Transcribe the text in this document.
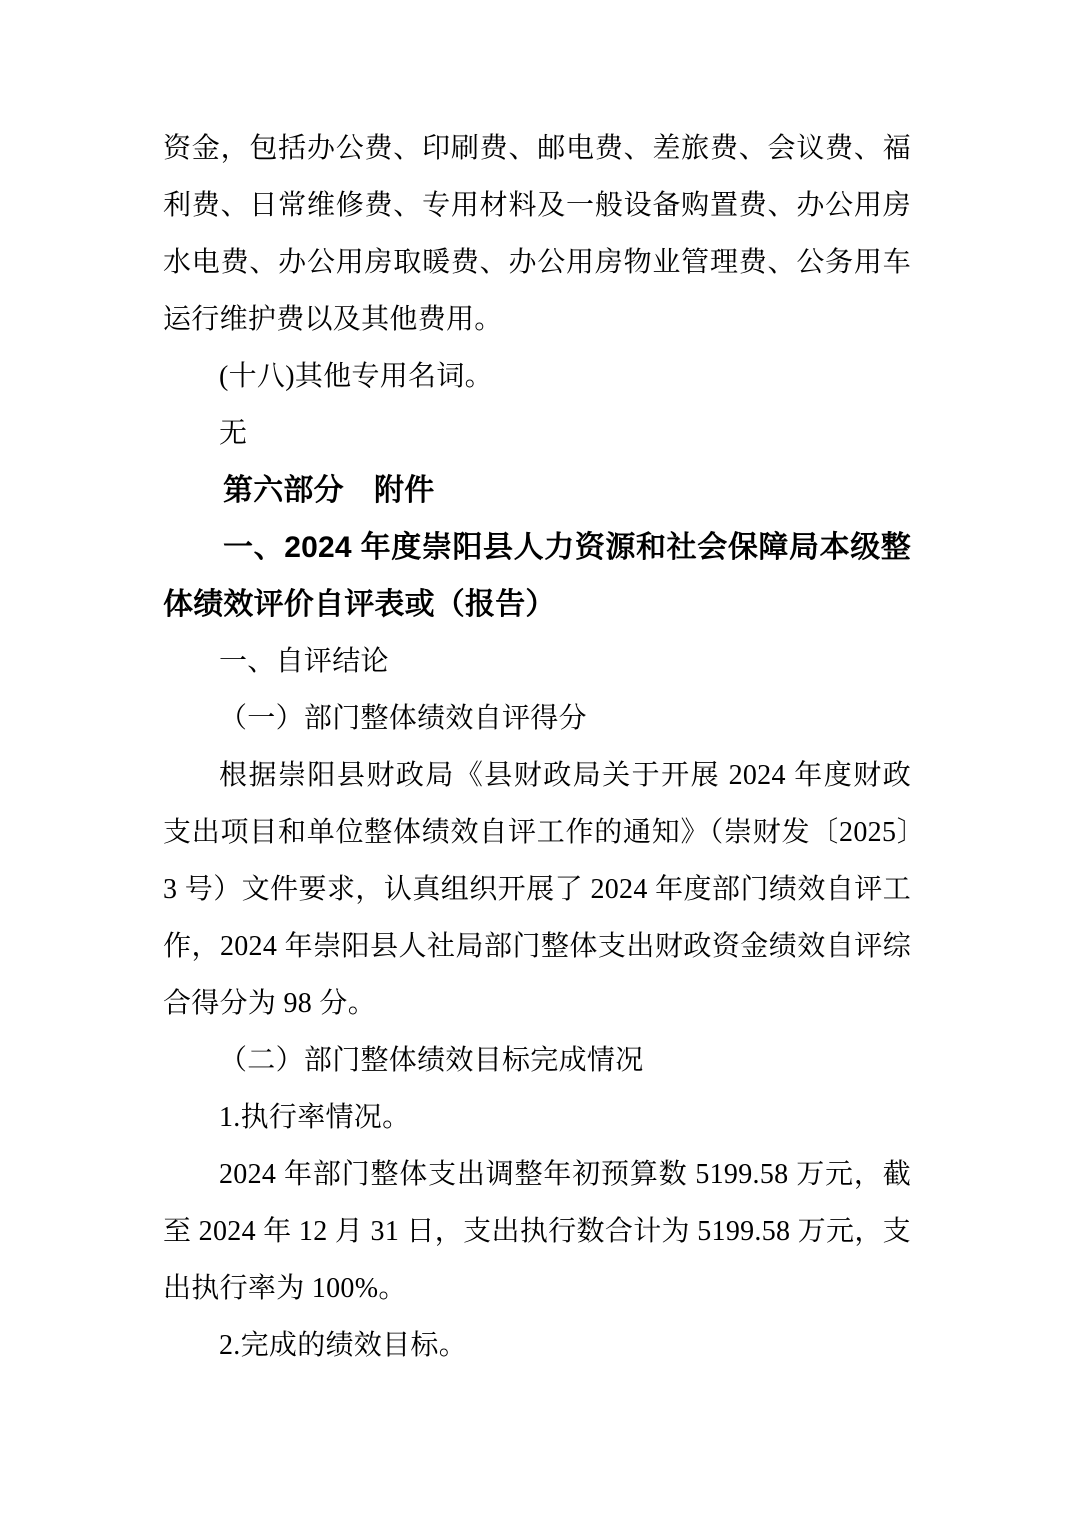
资金，包括办公费、印刷费、邮电费、差旅费、会议费、福利费、日常维修费、专用材料及一般设备购置费、办公用房水电费、办公用房取暖费、办公用房物业管理费、公务用车运行维护费以及其他费用。

(十八)其他专用名词。

无

第六部分　附件

一、2024 年度崇阳县人力资源和社会保障局本级整体绩效评价自评表或（报告）

一、自评结论

（一）部门整体绩效自评得分

根据崇阳县财政局《县财政局关于开展 2024 年度财政支出项目和单位整体绩效自评工作的通知》（崇财发〔2025〕3 号）文件要求，认真组织开展了 2024 年度部门绩效自评工作，2024 年崇阳县人社局部门整体支出财政资金绩效自评综合得分为 98 分。

（二）部门整体绩效目标完成情况

1.执行率情况。

2024 年部门整体支出调整年初预算数 5199.58 万元，截至 2024 年 12 月 31 日，支出执行数合计为 5199.58 万元，支出执行率为 100%。

2.完成的绩效目标。
